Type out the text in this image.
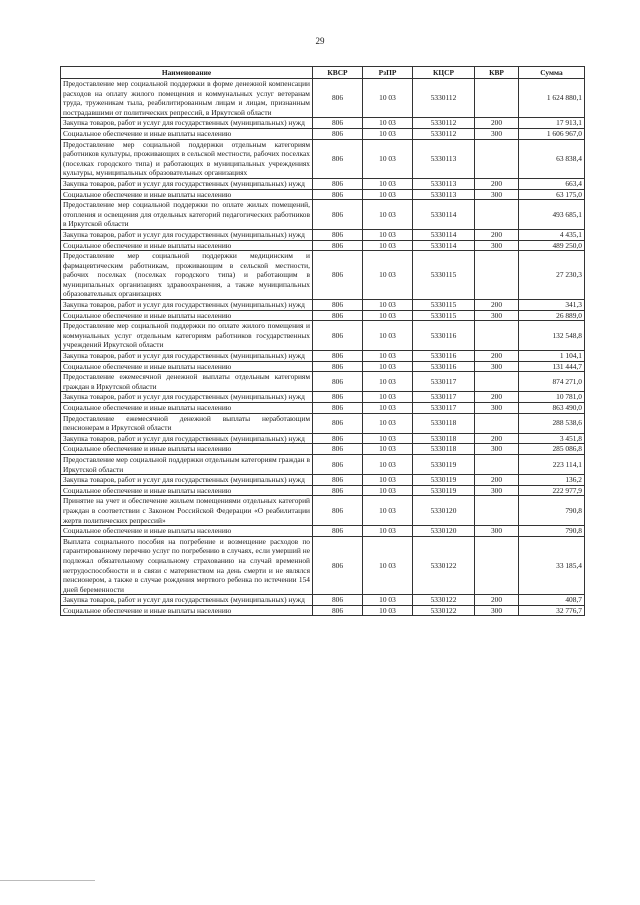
29
Наименование	КВСР	РзПР	КЦСР	КВР	Сумма
Предоставление мер социальной поддержки в форме денежной компенсации расходов на оплату жилого помещения и коммунальных услуг ветеранам труда, труженикам тыла, реабилитированным лицам и лицам, признанным пострадавшими от политических репрессий, в Иркутской области	806	10 03	5330112		1 624 880,1
Закупка товаров, работ и услуг для государственных (муниципальных) нужд	806	10 03	5330112	200	17 913,1
Социальное обеспечение и иные выплаты населению	806	10 03	5330112	300	1 606 967,0
Предоставление мер социальной поддержки отдельным категориям работников культуры, проживающих в сельской местности, рабочих поселках (поселках городского типа) и работающих в муниципальных учреждениях культуры, муниципальных образовательных организациях	806	10 03	5330113		63 838,4
Закупка товаров, работ и услуг для государственных (муниципальных) нужд	806	10 03	5330113	200	663,4
Социальное обеспечение и иные выплаты населению	806	10 03	5330113	300	63 175,0
Предоставление мер социальной поддержки по оплате жилых помещений, отопления и освещения для отдельных категорий педагогических работников в Иркутской области	806	10 03	5330114		493 685,1
Закупка товаров, работ и услуг для государственных (муниципальных) нужд	806	10 03	5330114	200	4 435,1
Социальное обеспечение и иные выплаты населению	806	10 03	5330114	300	489 250,0
Предоставление мер социальной поддержки медицинским и фармацевтическим работникам, проживающим в сельской местности, рабочих поселках (поселках городского типа) и работающим в муниципальных организациях здравоохранения, а также муниципальных образовательных организациях	806	10 03	5330115		27 230,3
Закупка товаров, работ и услуг для государственных (муниципальных) нужд	806	10 03	5330115	200	341,3
Социальное обеспечение и иные выплаты населению	806	10 03	5330115	300	26 889,0
Предоставление мер социальной поддержки по оплате жилого помещения и коммунальных услуг отдельным категориям работников государственных учреждений Иркутской области	806	10 03	5330116		132 548,8
Закупка товаров, работ и услуг для государственных (муниципальных) нужд	806	10 03	5330116	200	1 104,1
Социальное обеспечение и иные выплаты населению	806	10 03	5330116	300	131 444,7
Предоставление ежемесячной денежной выплаты отдельным категориям граждан в Иркутской области	806	10 03	5330117		874 271,0
Закупка товаров, работ и услуг для государственных (муниципальных) нужд	806	10 03	5330117	200	10 781,0
Социальное обеспечение и иные выплаты населению	806	10 03	5330117	300	863 490,0
Предоставление ежемесячной денежной выплаты неработающим пенсионерам в Иркутской области	806	10 03	5330118		288 538,6
Закупка товаров, работ и услуг для государственных (муниципальных) нужд	806	10 03	5330118	200	3 451,8
Социальное обеспечение и иные выплаты населению	806	10 03	5330118	300	285 086,8
Предоставление мер социальной поддержки отдельным категориям граждан в Иркутской области	806	10 03	5330119		223 114,1
Закупка товаров, работ и услуг для государственных (муниципальных) нужд	806	10 03	5330119	200	136,2
Социальное обеспечение и иные выплаты населению	806	10 03	5330119	300	222 977,9
Принятие на учет и обеспечение жильем помещениями отдельных категорий граждан в соответствии с Законом Российской Федерации «О реабилитации жертв политических репрессий»	806	10 03	5330120		790,8
Социальное обеспечение и иные выплаты населению	806	10 03	5330120	300	790,8
Выплата социального пособия на погребение и возмещение расходов по гарантированному перечню услуг по погребению в случаях, если умерший не подлежал обязательному социальному страхованию на случай временной нетрудоспособности и в связи с материнством на день смерти и не являлся пенсионером, а также в случае рождения мертвого ребенка по истечении 154 дней беременности	806	10 03	5330122		33 185,4
Закупка товаров, работ и услуг для государственных (муниципальных) нужд	806	10 03	5330122	200	408,7
Социальное обеспечение и иные выплаты населению	806	10 03	5330122	300	32 776,7
